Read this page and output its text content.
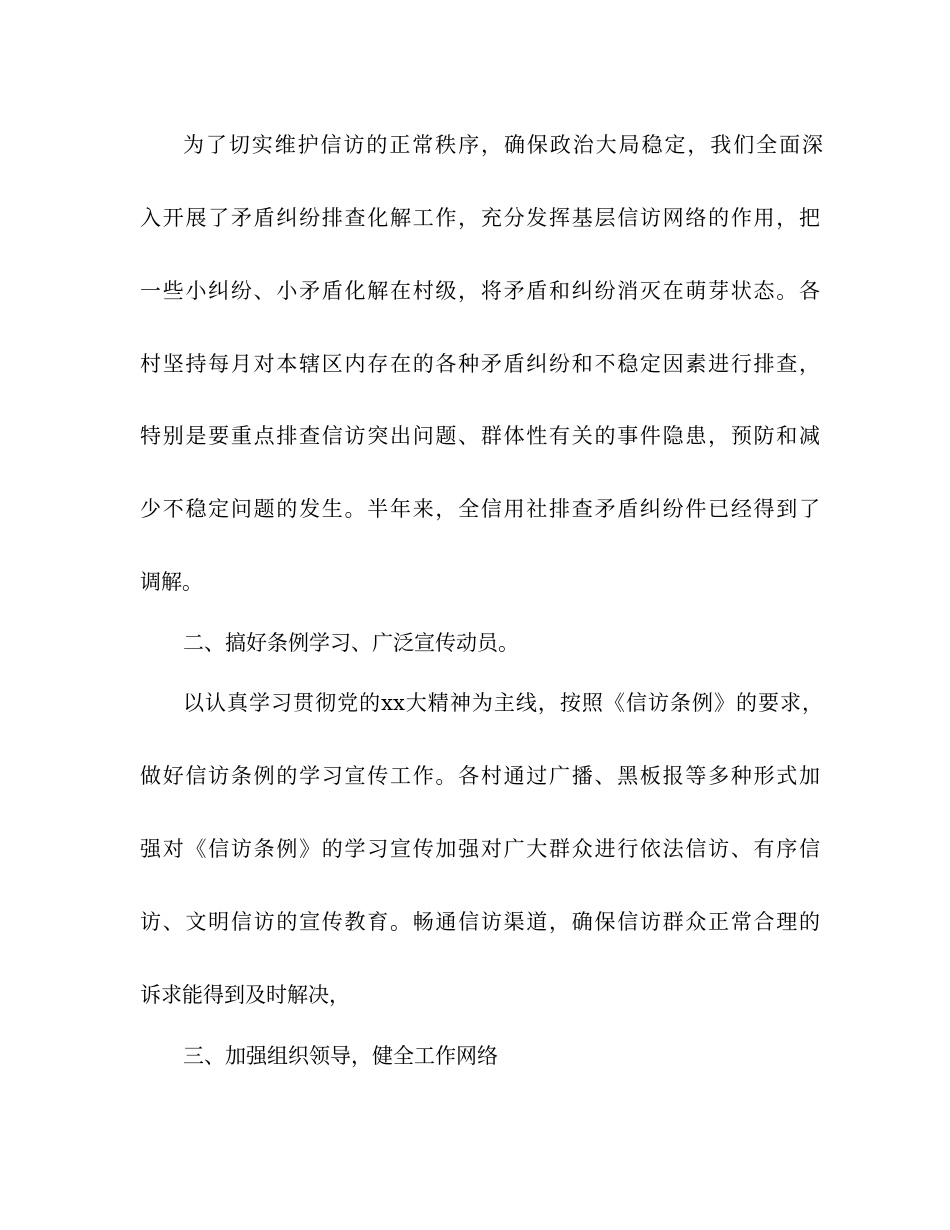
为了切实维护信访的正常秩序，确保政治大局稳定，我们全面深

入开展了矛盾纠纷排查化解工作，充分发挥基层信访网络的作用，把

一些小纠纷、小矛盾化解在村级，将矛盾和纠纷消灭在萌芽状态。各

村坚持每月对本辖区内存在的各种矛盾纠纷和不稳定因素进行排查，

特别是要重点排查信访突出问题、群体性有关的事件隐患，预防和减

少不稳定问题的发生。半年来，全信用社排查矛盾纠纷件已经得到了

调解。

二、搞好条例学习、广泛宣传动员。

以认真学习贯彻党的xx大精神为主线，按照《信访条例》的要求，

做好信访条例的学习宣传工作。各村通过广播、黑板报等多种形式加

强对《信访条例》的学习宣传加强对广大群众进行依法信访、有序信

访、文明信访的宣传教育。畅通信访渠道，确保信访群众正常合理的

诉求能得到及时解决，

三、加强组织领导，健全工作网络
